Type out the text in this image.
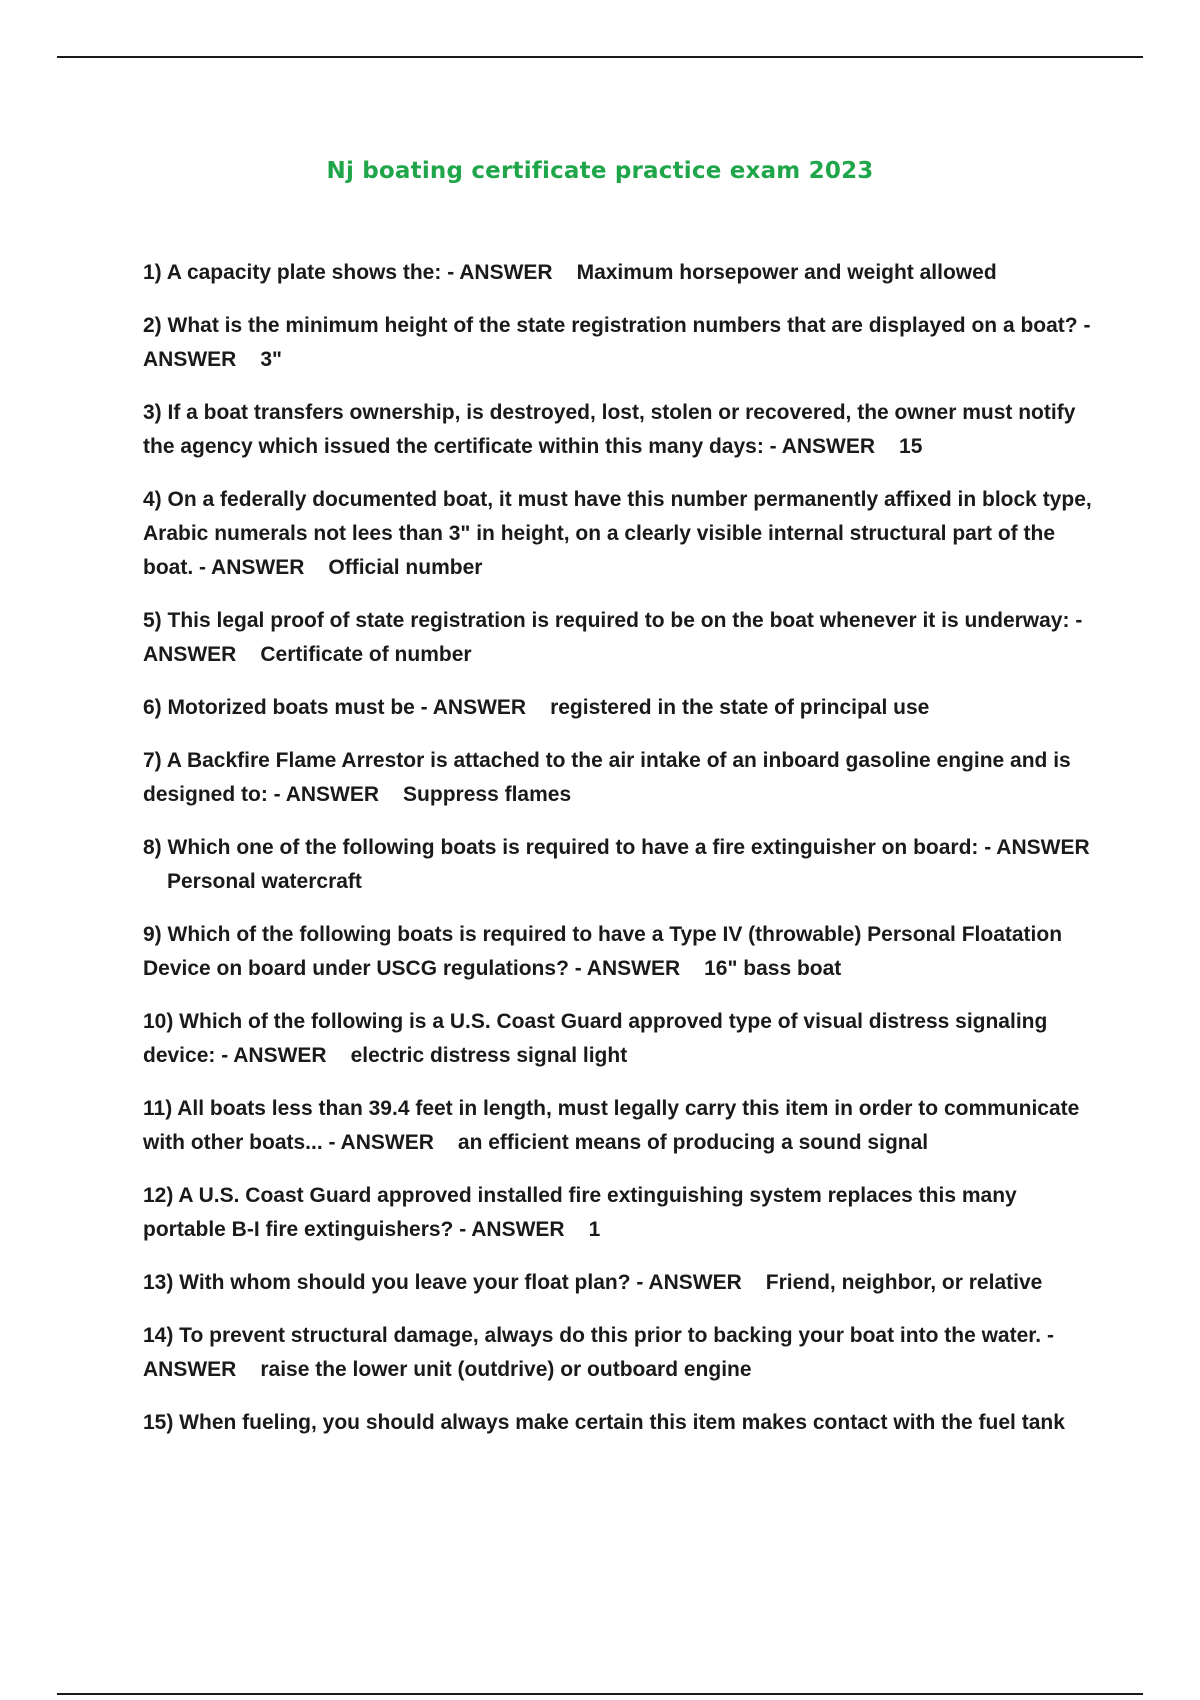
Nj boating certificate practice exam 2023
1) A capacity plate shows the: - ANSWER Maximum horsepower and weight allowed
2) What is the minimum height of the state registration numbers that are displayed on a boat? - ANSWER 3"
3) If a boat transfers ownership, is destroyed, lost, stolen or recovered, the owner must notify the agency which issued the certificate within this many days: - ANSWER 15
4) On a federally documented boat, it must have this number permanently affixed in block type, Arabic numerals not lees than 3" in height, on a clearly visible internal structural part of the boat. - ANSWER Official number
5) This legal proof of state registration is required to be on the boat whenever it is underway: - ANSWER Certificate of number
6) Motorized boats must be - ANSWER registered in the state of principal use
7) A Backfire Flame Arrestor is attached to the air intake of an inboard gasoline engine and is designed to: - ANSWER Suppress flames
8) Which one of the following boats is required to have a fire extinguisher on board: - ANSWERPersonal watercraft
9) Which of the following boats is required to have a Type IV (throwable) Personal Floatation Device on board under USCG regulations? - ANSWER 16" bass boat
10) Which of the following is a U.S. Coast Guard approved type of visual distress signaling device: - ANSWER electric distress signal light
11) All boats less than 39.4 feet in length, must legally carry this item in order to communicate with other boats... - ANSWER an efficient means of producing a sound signal
12) A U.S. Coast Guard approved installed fire extinguishing system replaces this many portable B-I fire extinguishers? - ANSWER 1
13) With whom should you leave your float plan? - ANSWER Friend, neighbor, or relative
14) To prevent structural damage, always do this prior to backing your boat into the water. - ANSWER raise the lower unit (outdrive) or outboard engine
15) When fueling, you should always make certain this item makes contact with the fuel tank
